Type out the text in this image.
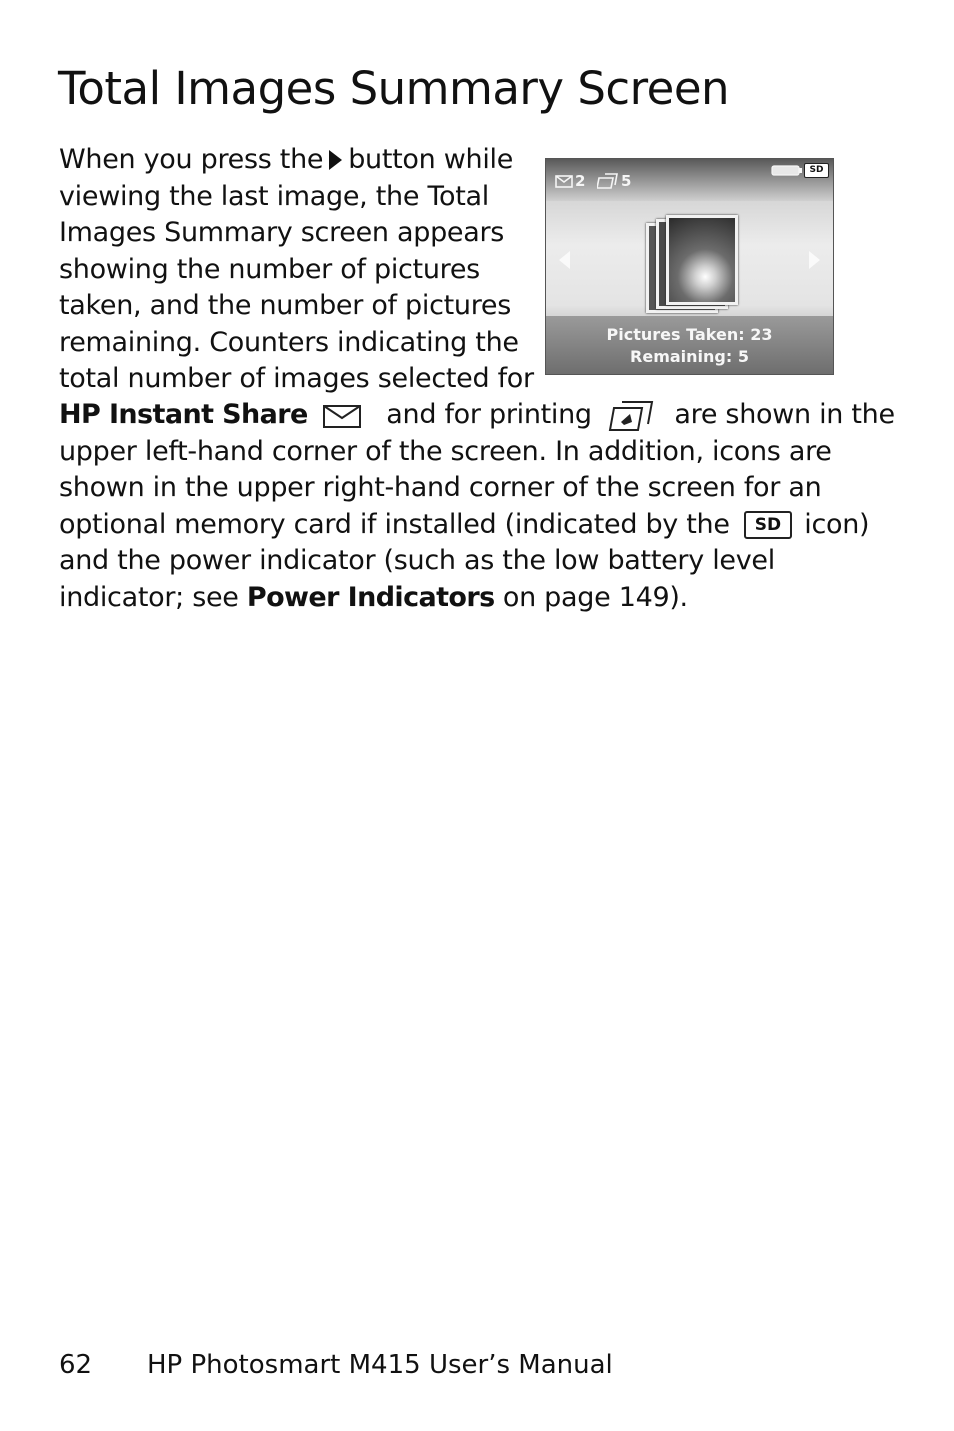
Total Images Summary Screen
When you press the button while
viewing the last image, the Total
Images Summary screen appears
showing the number of pictures
taken, and the number of pictures
remaining. Counters indicating the
total number of images selected for
2 5
SD
Pictures Taken: 23
Remaining: 5
HP Instant Share	and for printing	are shown in the
upper left-hand corner of the screen. In addition, icons are
shown in the upper right-hand corner of the screen for an
optional memory card if installed (indicated by the SD icon)
and the power indicator (such as the low battery level
indicator; see Power Indicators on page 149).
62 HP Photosmart M415 User’s Manual
